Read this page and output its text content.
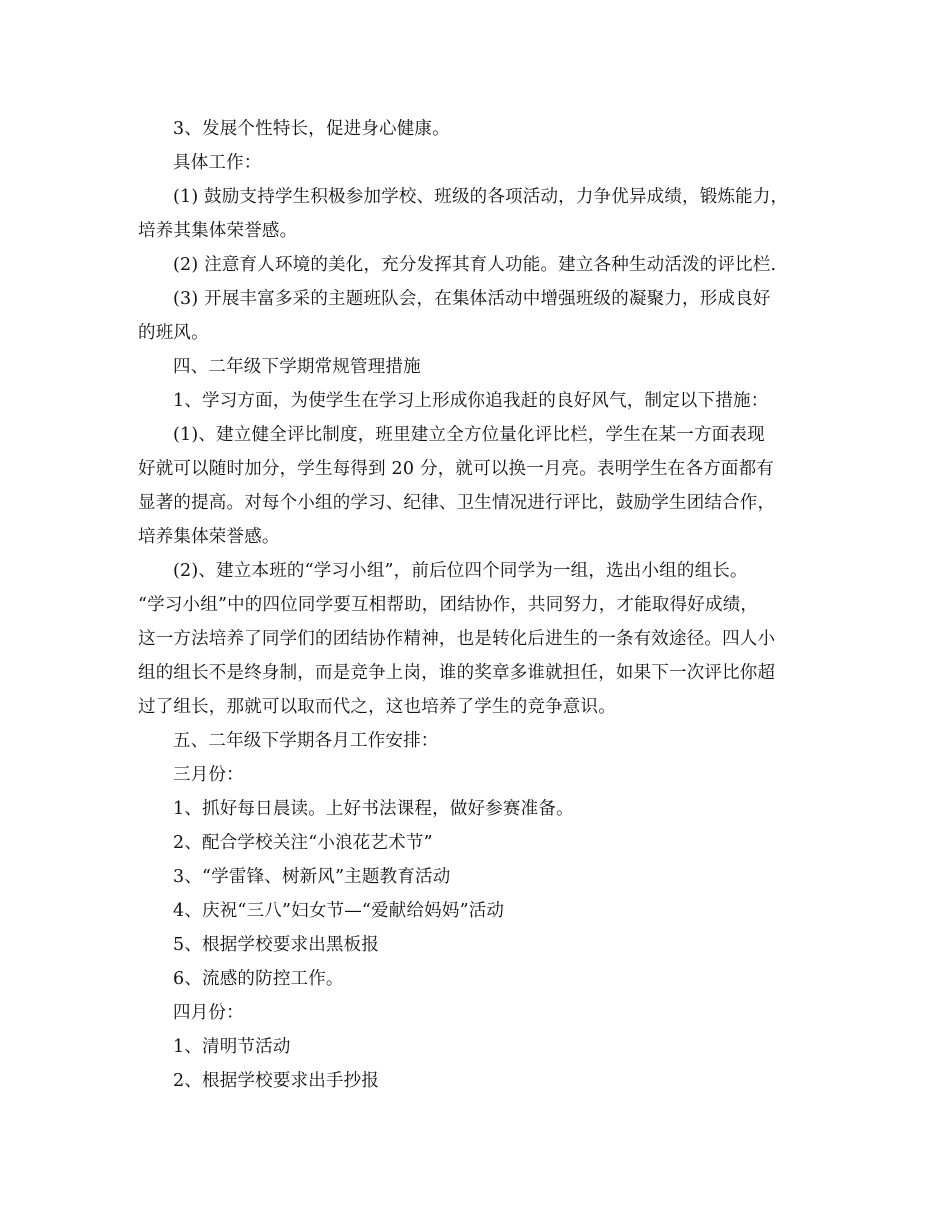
3、发展个性特长，促进身心健康。
具体工作：
(1) 鼓励支持学生积极参加学校、班级的各项活动，力争优异成绩，锻炼能力，
培养其集体荣誉感。
(2) 注意育人环境的美化，充分发挥其育人功能。建立各种生动活泼的评比栏.
(3) 开展丰富多采的主题班队会，在集体活动中增强班级的凝聚力，形成良好
的班风。
四、二年级下学期常规管理措施
1、学习方面，为使学生在学习上形成你追我赶的良好风气，制定以下措施：
(1)、建立健全评比制度，班里建立全方位量化评比栏，学生在某一方面表现
好就可以随时加分，学生每得到 20 分，就可以换一月亮。表明学生在各方面都有
显著的提高。对每个小组的学习、纪律、卫生情况进行评比，鼓励学生团结合作，
培养集体荣誉感。
(2)、建立本班的“学习小组”，前后位四个同学为一组，选出小组的组长。
“学习小组”中的四位同学要互相帮助，团结协作，共同努力，才能取得好成绩，
这一方法培养了同学们的团结协作精神，也是转化后进生的一条有效途径。四人小
组的组长不是终身制，而是竞争上岗，谁的奖章多谁就担任，如果下一次评比你超
过了组长，那就可以取而代之，这也培养了学生的竞争意识。
五、二年级下学期各月工作安排：
三月份：
1、抓好每日晨读。上好书法课程，做好参赛准备。
2、配合学校关注“小浪花艺术节”
3、“学雷锋、树新风”主题教育活动
4、庆祝“三八”妇女节—“爱献给妈妈”活动
5、根据学校要求出黑板报
6、流感的防控工作。
四月份：
1、清明节活动
2、根据学校要求出手抄报
